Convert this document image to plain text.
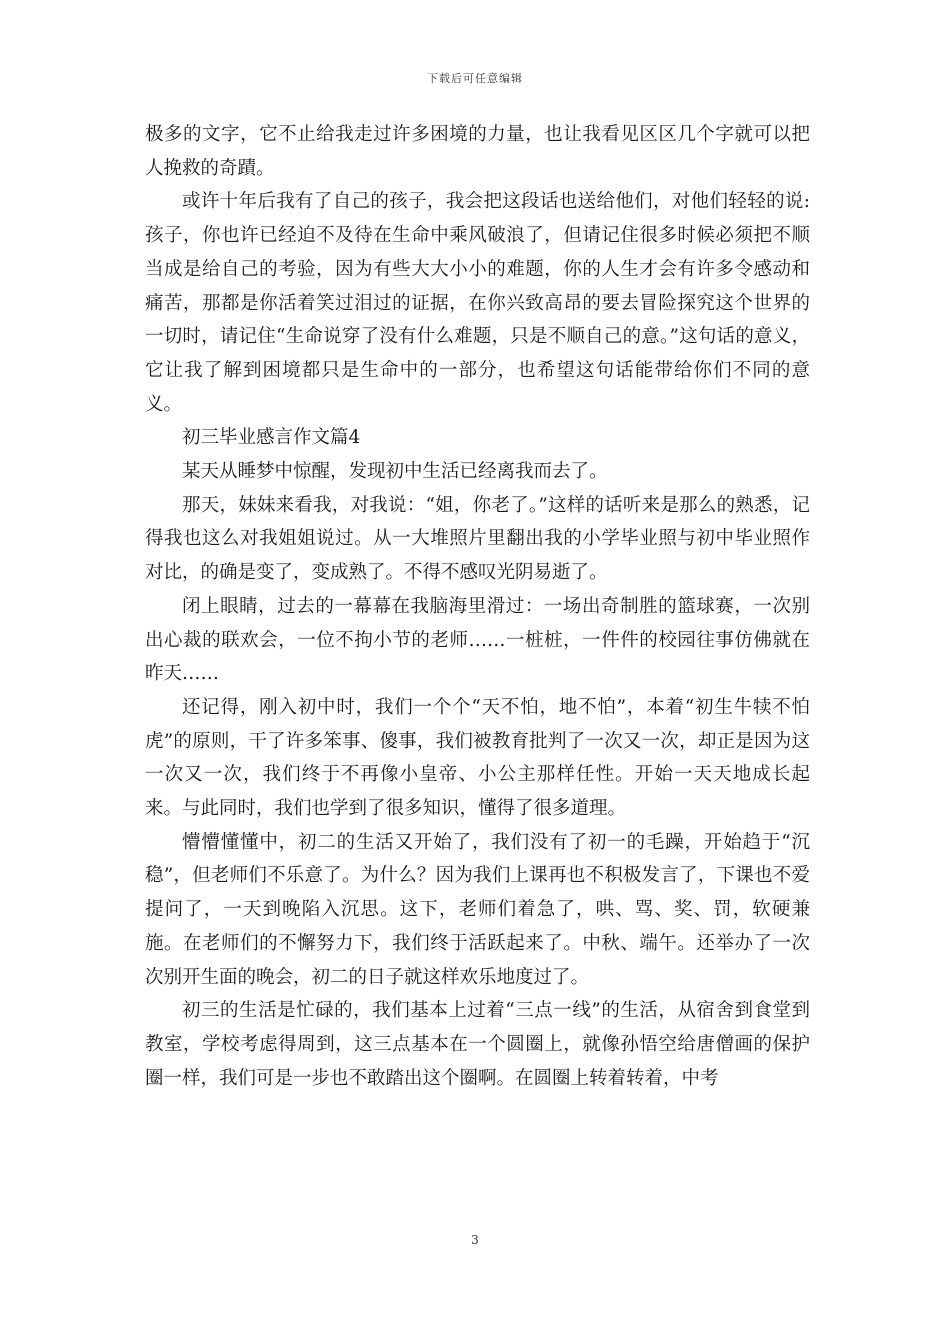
下载后可任意编辑

极多的文字，它不止给我走过许多困境的力量，也让我看见区区几个字就可以把人挽救的奇蹟。

或许十年后我有了自己的孩子，我会把这段话也送给他们，对他们轻轻的说:孩子，你也许已经迫不及待在生命中乘风破浪了，但请记住很多时候必须把不顺当成是给自己的考验，因为有些大大小小的难题，你的人生才会有许多令感动和痛苦，那都是你活着笑过泪过的证据，在你兴致高昂的要去冒险探究这个世界的一切时，请记住“生命说穿了没有什么难题，只是不顺自己的意。”这句话的意义，它让我了解到困境都只是生命中的一部分，也希望这句话能带给你们不同的意义。

初三毕业感言作文篇4

某天从睡梦中惊醒，发现初中生活已经离我而去了。

那天，妹妹来看我，对我说：“姐，你老了。”这样的话听来是那么的熟悉，记得我也这么对我姐姐说过。从一大堆照片里翻出我的小学毕业照与初中毕业照作对比，的确是变了，变成熟了。不得不感叹光阴易逝了。

闭上眼睛，过去的一幕幕在我脑海里滑过：一场出奇制胜的篮球赛，一次别出心裁的联欢会，一位不拘小节的老师……一桩桩，一件件的校园往事仿佛就在昨天……

还记得，刚入初中时，我们一个个“天不怕，地不怕”，本着“初生牛犊不怕虎”的原则，干了许多笨事、傻事，我们被教育批判了一次又一次，却正是因为这一次又一次，我们终于不再像小皇帝、小公主那样任性。开始一天天地成长起来。与此同时，我们也学到了很多知识，懂得了很多道理。

懵懵懂懂中，初二的生活又开始了，我们没有了初一的毛躁，开始趋于“沉稳”，但老师们不乐意了。为什么？因为我们上课再也不积极发言了，下课也不爱提问了，一天到晚陷入沉思。这下，老师们着急了，哄、骂、奖、罚，软硬兼施。在老师们的不懈努力下，我们终于活跃起来了。中秋、端午。还举办了一次次别开生面的晚会，初二的日子就这样欢乐地度过了。

初三的生活是忙碌的，我们基本上过着“三点一线”的生活，从宿舍到食堂到教室，学校考虑得周到，这三点基本在一个圆圈上，就像孙悟空给唐僧画的保护圈一样，我们可是一步也不敢踏出这个圈啊。在圆圈上转着转着，中考

3
